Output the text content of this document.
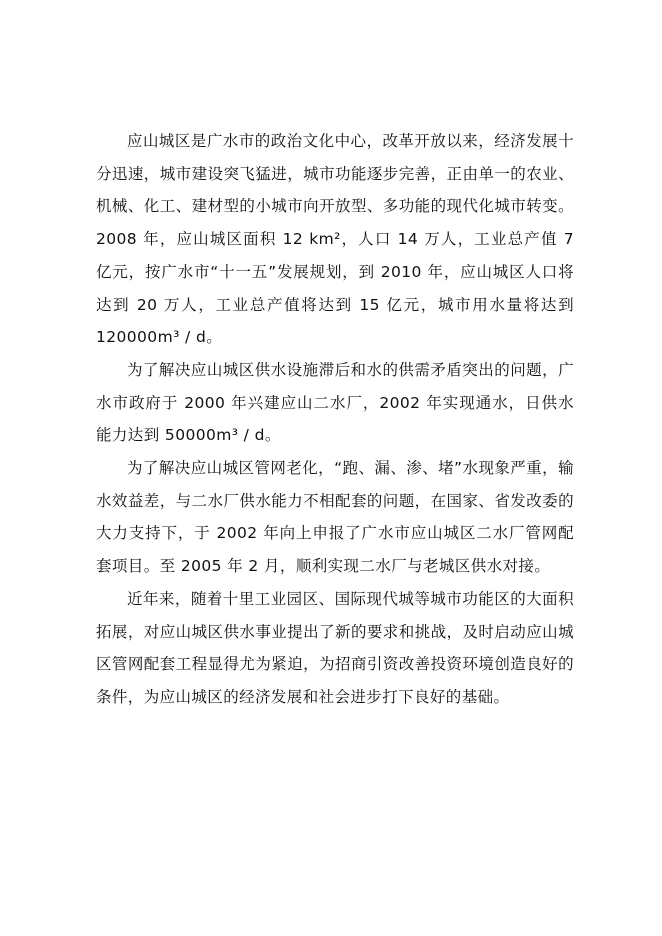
应山城区是广水市的政治文化中心，改革开放以来，经济发展十分迅速，城市建设突飞猛进，城市功能逐步完善，正由单一的农业、机械、化工、建材型的小城市向开放型、多功能的现代化城市转变。2008 年，应山城区面积 12 km²，人口 14 万人，工业总产值 7 亿元，按广水市“十一五”发展规划，到 2010 年，应山城区人口将达到 20 万人，工业总产值将达到 15 亿元，城市用水量将达到 120000m³ / d。

为了解决应山城区供水设施滞后和水的供需矛盾突出的问题，广水市政府于 2000 年兴建应山二水厂，2002 年实现通水，日供水能力达到 50000m³ / d。

为了解决应山城区管网老化，“跑、漏、渗、堵”水现象严重，输水效益差，与二水厂供水能力不相配套的问题，在国家、省发改委的大力支持下，于 2002 年向上申报了广水市应山城区二水厂管网配套项目。至 2005 年 2 月，顺利实现二水厂与老城区供水对接。

近年来，随着十里工业园区、国际现代城等城市功能区的大面积拓展，对应山城区供水事业提出了新的要求和挑战，及时启动应山城区管网配套工程显得尤为紧迫，为招商引资改善投资环境创造良好的条件，为应山城区的经济发展和社会进步打下良好的基础。
